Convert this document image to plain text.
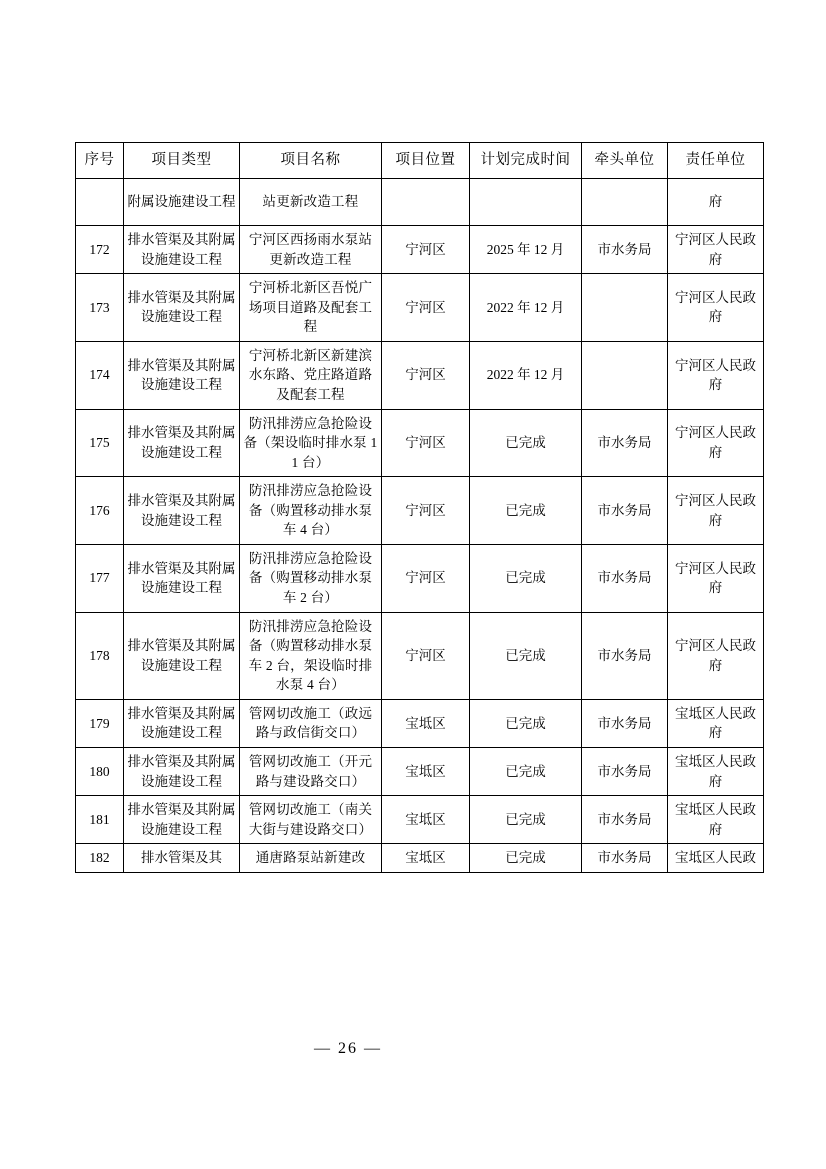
序号	项目类型	项目名称	项目位置	计划完成时间	牵头单位	责任单位
	附属设施建设工程	站更新改造工程				府
172	排水管渠及其附属设施建设工程	宁河区西扬雨水泵站更新改造工程	宁河区	2025 年 12 月	市水务局	宁河区人民政府
173	排水管渠及其附属设施建设工程	宁河桥北新区吾悦广场项目道路及配套工程	宁河区	2022 年 12 月		宁河区人民政府
174	排水管渠及其附属设施建设工程	宁河桥北新区新建滨水东路、党庄路道路及配套工程	宁河区	2022 年 12 月		宁河区人民政府
175	排水管渠及其附属设施建设工程	防汛排涝应急抢险设备（架设临时排水泵 11 台）	宁河区	已完成	市水务局	宁河区人民政府
176	排水管渠及其附属设施建设工程	防汛排涝应急抢险设备（购置移动排水泵车 4 台）	宁河区	已完成	市水务局	宁河区人民政府
177	排水管渠及其附属设施建设工程	防汛排涝应急抢险设备（购置移动排水泵车 2 台）	宁河区	已完成	市水务局	宁河区人民政府
178	排水管渠及其附属设施建设工程	防汛排涝应急抢险设备（购置移动排水泵车 2 台，架设临时排水泵 4 台）	宁河区	已完成	市水务局	宁河区人民政府
179	排水管渠及其附属设施建设工程	管网切改施工（政远路与政信街交口）	宝坻区	已完成	市水务局	宝坻区人民政府
180	排水管渠及其附属设施建设工程	管网切改施工（开元路与建设路交口）	宝坻区	已完成	市水务局	宝坻区人民政府
181	排水管渠及其附属设施建设工程	管网切改施工（南关大街与建设路交口）	宝坻区	已完成	市水务局	宝坻区人民政府
182	排水管渠及其	通唐路泵站新建改	宝坻区	已完成	市水务局	宝坻区人民政
— 26 —
